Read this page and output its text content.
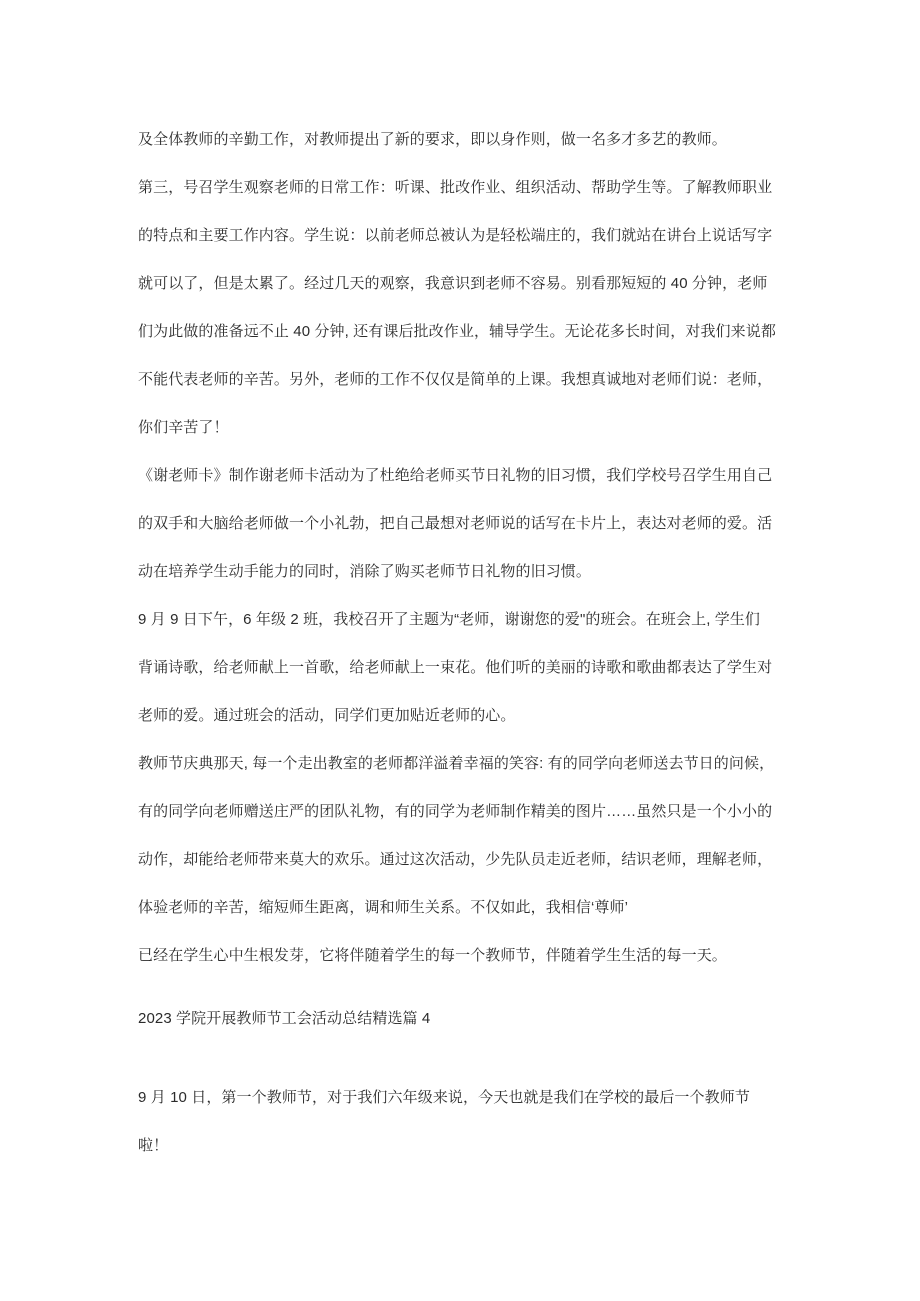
及全体教师的辛勤工作，对教师提出了新的要求，即以身作则，做一名多才多艺的教师。
第三，号召学生观察老师的日常工作：听课、批改作业、组织活动、帮助学生等。了解教师职业
的特点和主要工作内容。学生说：以前老师总被认为是轻松端庄的，我们就站在讲台上说话写字
就可以了，但是太累了。经过几天的观察，我意识到老师不容易。别看那短短的 40 分钟，老师
们为此做的准备远不止 40 分钟, 还有课后批改作业，辅导学生。无论花多长时间，对我们来说都
不能代表老师的辛苦。另外，老师的工作不仅仅是简单的上课。我想真诚地对老师们说：老师，
你们辛苦了！
《谢老师卡》制作谢老师卡活动为了杜绝给老师买节日礼物的旧习惯，我们学校号召学生用自己
的双手和大脑给老师做一个小礼勃，把自己最想对老师说的话写在卡片上，表达对老师的爱。活
动在培养学生动手能力的同时，消除了购买老师节日礼物的旧习惯。
9 月 9 日下午，6 年级 2 班，我校召开了主题为“老师，谢谢您的爱"的班会。在班会上, 学生们
背诵诗歌，给老师献上一首歌，给老师献上一束花。他们听的美丽的诗歌和歌曲都表达了学生对
老师的爱。通过班会的活动，同学们更加贴近老师的心。
教师节庆典那天, 每一个走出教室的老师都洋溢着幸福的笑容: 有的同学向老师送去节日的问候，
有的同学向老师赠送庄严的团队礼物，有的同学为老师制作精美的图片……虽然只是一个小小的
动作，却能给老师带来莫大的欢乐。通过这次活动，少先队员走近老师，结识老师，理解老师，
体验老师的辛苦，缩短师生距离，调和师生关系。不仅如此，我相信‘尊师’
已经在学生心中生根发芽，它将伴随着学生的每一个教师节，伴随着学生生活的每一天。
2023 学院开展教师节工会活动总结精选篇 4
9 月 10 日，第一个教师节，对于我们六年级来说，今天也就是我们在学校的最后一个教师节
啦！
